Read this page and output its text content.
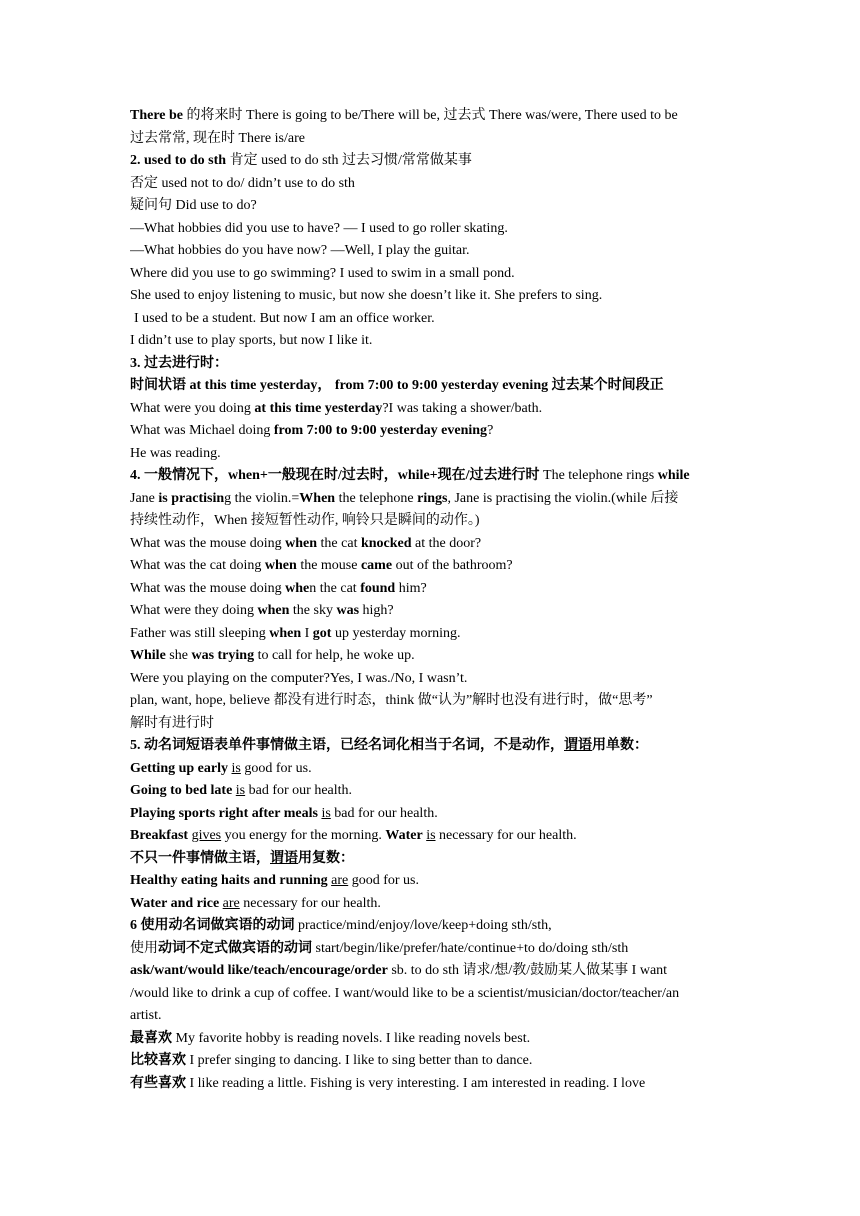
There be 的将来时 There is going to be/There will be, 过去式 There was/were, There used to be
过去常常, 现在时 There is/are
2. used to do sth 肯定 used to do sth 过去习惯/常常做某事
否定 used not to do/ didn’t use to do sth
疑问句 Did use to do?
—What hobbies did you use to have? — I used to go roller skating.
—What hobbies do you have now? —Well, I play the guitar.
Where did you use to go swimming? I used to swim in a small pond.
She used to enjoy listening to music, but now she doesn’t like it. She prefers to sing.
I used to be a student. But now I am an office worker.
I didn’t use to play sports, but now I like it.
3. 过去进行时：
时间状语 at this time yesterday， from 7:00 to 9:00 yesterday evening 过去某个时间段正
What were you doing at this time yesterday?I was taking a shower/bath.
What was Michael doing from 7:00 to 9:00 yesterday evening?
He was reading.
4. 一般情况下，when+一般现在时/过去时，while+现在/过去进行时 The telephone rings while
Jane is practising the violin.=When the telephone rings, Jane is practising the violin.(while 后接
持续性动作，When 接短暂性动作, 响铃只是瞬间的动作。)
What was the mouse doing when the cat knocked at the door?
What was the cat doing when the mouse came out of the bathroom?
What was the mouse doing when the cat found him?
What were they doing when the sky was high?
Father was still sleeping when I got up yesterday morning.
While she was trying to call for help, he woke up.
Were you playing on the computer?Yes, I was./No, I wasn’t.
plan, want, hope, believe 都没有进行时态，think 做“认为”解时也没有进行时，做“思考”
解时有进行时
5. 动名词短语表单件事情做主语，已经名词化相当于名词，不是动作，谓语用单数：
Getting up early is good for us.
Going to bed late is bad for our health.
Playing sports right after meals is bad for our health.
Breakfast gives you energy for the morning. Water is necessary for our health.
不只一件事情做主语，谓语用复数：
Healthy eating haits and running are good for us.
Water and rice are necessary for our health.
6 使用动名词做宾语的动词 practice/mind/enjoy/love/keep+doing sth/sth,
使用动词不定式做宾语的动词 start/begin/like/prefer/hate/continue+to do/doing sth/sth
ask/want/would like/teach/encourage/order sb. to do sth 请求/想/教/鼓励某人做某事 I want
/would like to drink a cup of coffee. I want/would like to be a scientist/musician/doctor/teacher/an
artist.
最喜欢 My favorite hobby is reading novels. I like reading novels best.
比较喜欢 I prefer singing to dancing. I like to sing better than to dance.
有些喜欢 I like reading a little. Fishing is very interesting. I am interested in reading. I love
